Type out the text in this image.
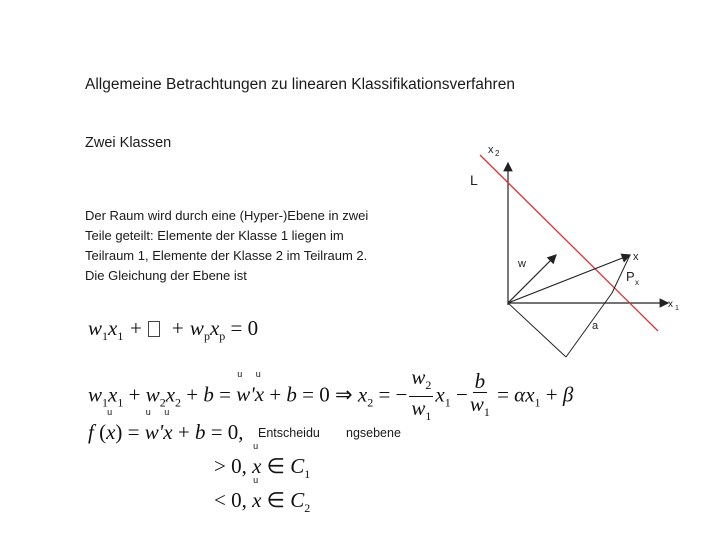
Allgemeine Betrachtungen zu linearen Klassifikationsverfahren
Zwei Klassen
Der Raum wird durch eine (Hyper-)Ebene in zwei
Teile geteilt: Elemente der Klasse 1 liegen im
Teilraum 1, Elemente der Klasse 2 im Teilraum 2.
Die Gleichung der Ebene ist
x 2
L
w
x
P x
x 1
a
$w_1x_1$ +   + $w_px_p = 0$
$w_1x_1 + w_2x_2 + b = u$ w'u x + b = 0 ⇒ $x_2$ = − $\frac{w_2}{w_1} x_1 - \frac{b}{w_1} = \alpha x_1 + \beta$
f (u x) = u w'u x + b = 0, Entscheidu ngsebene
> 0, u x ∈ $C_1$
< 0, u x ∈ $C_2$
